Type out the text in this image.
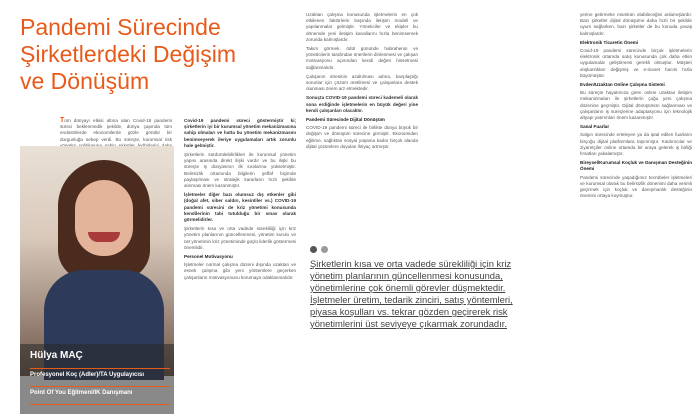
Pandemi Sürecinde
Şirketlerdeki Değişim
ve Dönüşüm

Tüm dünyayı etkisi altına alan Covid-19 pandemi süreci beklenmedik şekilde, dünya çapında tüm endüstrilerde ekonomilerde gözle görülür bir durgunluğa sebep verdi. Bu süreçte, kurumsal risk

Hülya MAÇ
Profesyonel Koç (Adler)/TA Uygulayıcısı
Point Of You Eğitmeni/IK Danışmanı

Covid-19 pandemi süreci göstermiştir ki; şirketlerin iyi bir kurumsal yönetim mekanizmasına sahip olmaları ve hatta bu yönetim mekanizmasını benimseyerek ileriye uygulamaları artık zorunlu hale gelmiştir.

Şirketlerin sürdürülebilirlikleri ile kurumsal yönetim yapısı arasında direkt ilişki vardır ve bu ilişki bu süreçte iş dünyasının ilk sıralarına yükselmiştir. Belirsizlik ortamında bilgilerin şeffaf biçimde paylaşılması ve stratejik kararların hızlı şekilde alınması önem kazanmıştır.

İşletmeler diğer bazı olumsuz dış etkenler gibi (doğal afet, siber saldırı, kesintiler vs.) COVID-19 pandemi sürecini de kriz yönetimi konusunda kendilerinin tabi tutulduğu bir sınav olarak görmelidirler.

Şirketlerin kısa ve orta vadede sürekliliği için kriz yönetim planlarının güncellenmesi, yönetim kurulu ve üst yönetimin kriz yönetiminde güçlü liderlik göstermesi önemlidir.

Personel Motivasyonu

İşletmeler normal çalışma düzeni dışında uzaktan ve esnek çalışma gibi yeni yöntemlere geçerken çalışanların motivasyonunu korumaya odaklanmalıdır.

Uzaktan çalışma konusunda işletmelerin en çok etkilenen faktörlerin başında iletişim modeli ve yapılanmalar gelmiştir. Yöneticiler ve ekipler bu dönemde yeni iletişim kanallarını hızla benimsemek zorunda kalmışlardır.

Takım görmek, ödül gününde habrahenin ve yöneticilerin tarafından önerilerin dinlenmesi ve çalışan motivasyonu açısından kendi değeri hissetmesi sağlanmalıdır.

Çalışanın stresinin azaltılması adına, karşılaştığı sorunlar için çözüm üretilmesi ve çalışanlara destek olunması önem arz etmektedir.

Sonuçta COVID-19 pandemi süreci kademeli olarak sona erdiğinde işletmelerin en büyük değeri yine kendi çalışanları olacaktır.

Pandemi Sürecinde Dijital Dönüşüm

COVID-19 pandemi süreci ile birlikte dünya büyük bir değişim ve dönüşüm sürecine girmiştir. Ekonomiden eğitime, sağlıktan sosyal yaşama kadar birçok alanda dijital çözümlere duyulan ihtiyaç artmıştır.

Şirketlerin kısa ve orta vadede sürekliliği için kriz yönetim planlarının güncellenmesi konusunda, yönetimlerine çok önemli görevler düşmektedir. İşletmeler üretim, tedarik zinciri, satış yöntemleri, piyasa koşulları vs. tekrar gözden geçirerek risk yönetimlerini üst seviyeye çıkarmak zorundadır.

yerine getirmeke mümkün olabileceğini anlamışlardır. Bazı şirketler dijital dönüşüme daha hızlı bir şekilde uyum sağlarken, bazı şirketler de bu konuda yavaş kalmışlardır.

Elektronik Ticaretin Önemi

Covid-19 pandemi sürecinde birçok işletmelerin elektronik ortamda satış konusunda çok daha etkin uygulamalar geliştirmesi gerekli olmuştur. Müşteri alışkanlıkları değişmiş ve e-ticaret hacmi hızla büyümüştür.

Evden/Uzaktan Online Çalışma Sistemi

Bu süreçte hayatımıza giren online uzaktan iletişim mekanizmaları ile şirketlerin çoğu yeni çalışma düzenine geçmiştir. Dijital dönüşümün sağlanması ve çalışanların iş süreçlerine adaptasyonu için teknolojik altyapı yatırımları önem kazanmıştır.

Sanal Fuarlar

Salgın sürecinde erteleyen ya da iptal edilen fuarların birçoğu dijital platformlara taşınmıştır. Katılımcılar ve ziyaretçiler online ortamda bir araya gelerek iş birliği fırsatları yakalamıştır.

Bireysel/Kurumsal Koçluk ve Danışman Desteğinin Önemi

Pandemi sürecinde yaşadığımız tecrübeler işletmeleri ve kurumsal olarak bu belirsizlik dönemini daha verimli geçirmek için koçluk ve danışmanlık desteğinin önemini ortaya koymuştur.
